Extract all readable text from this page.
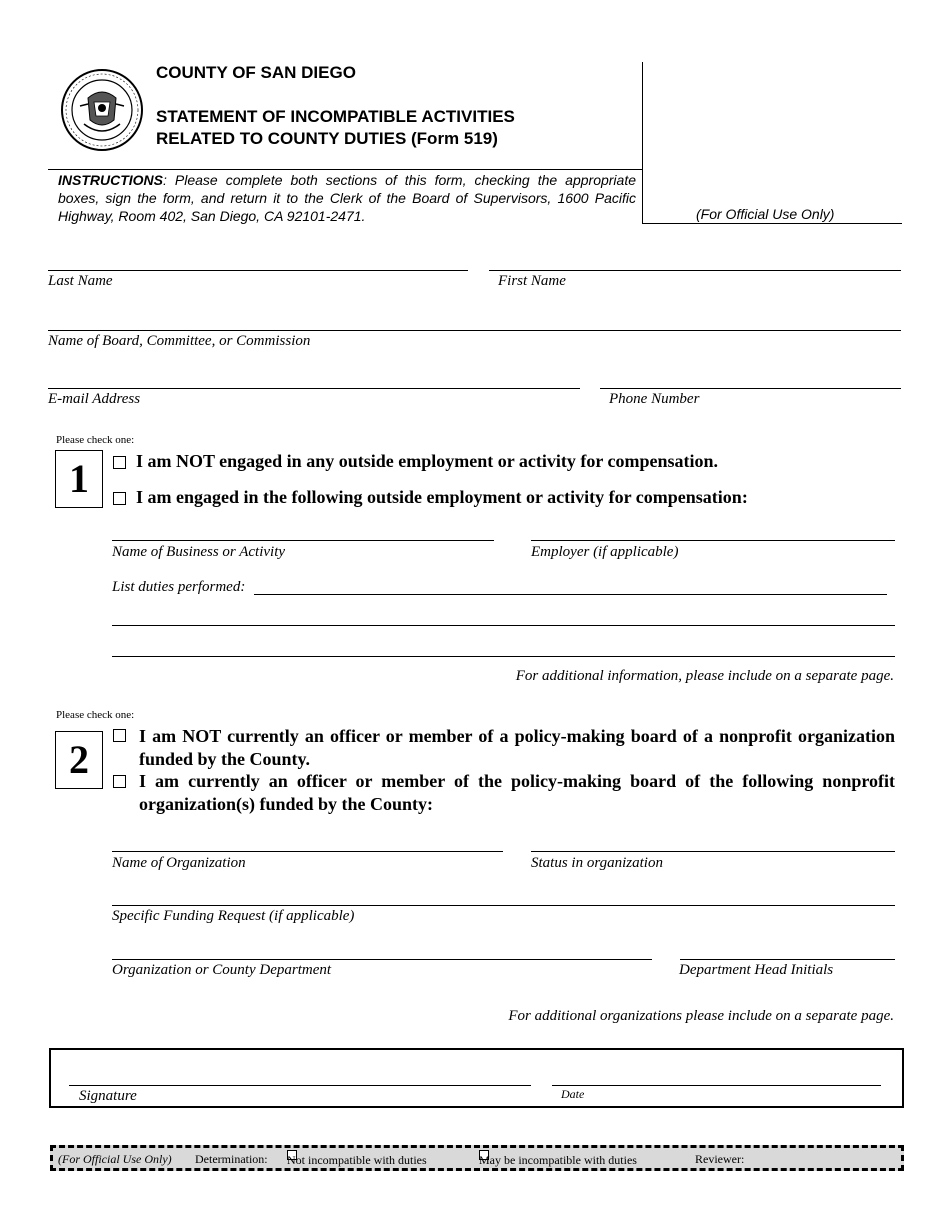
COUNTY OF SAN DIEGO
STATEMENT OF INCOMPATIBLE ACTIVITIES
RELATED TO COUNTY DUTIES (Form 519)
(For Official Use Only)
INSTRUCTIONS: Please complete both sections of this form, checking the appropriate boxes, sign the form, and return it to the Clerk of the Board of Supervisors, 1600 Pacific Highway, Room 402, San Diego, CA 92101-2471.
Last Name	First Name
Name of Board, Committee, or Commission
E-mail Address	Phone Number
Please check one:
1	I am NOT engaged in any outside employment or activity for compensation.
I am engaged in the following outside employment or activity for compensation:
Name of Business or Activity	Employer (if applicable)
List duties performed:
For additional information, please include on a separate page.
Please check one:
2
I am NOT currently an officer or member of a policy-making board of a nonprofit organization funded by the County.
I am currently an officer or member of the policy-making board of the following nonprofit organization(s) funded by the County:
Name of Organization	Status in organization
Specific Funding Request (if applicable)
Organization or County Department	Department Head Initials
For additional organizations please include on a separate page.
Signature	Date
(For Official Use Only) Determination: Not incompatible with duties	May be incompatible with duties	Reviewer:
